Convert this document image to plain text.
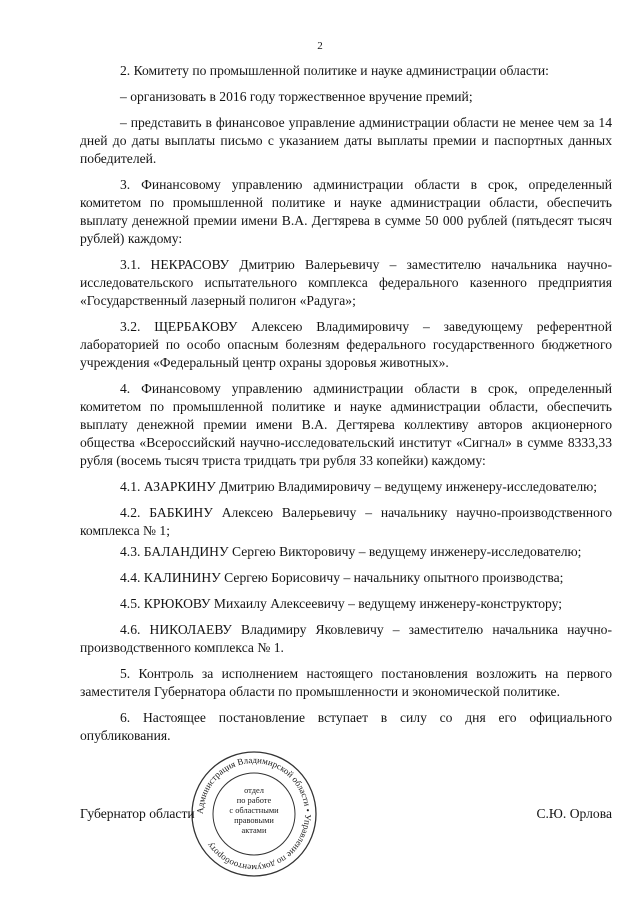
2

2. Комитету по промышленной политике и науке администрации области:

– организовать в 2016 году торжественное вручение премий;

– представить в финансовое управление администрации области не менее чем за 14 дней до даты выплаты письмо с указанием даты выплаты премии и паспортных данных победителей.

3. Финансовому управлению администрации области в срок, определенный комитетом по промышленной политике и науке администрации области, обеспечить выплату денежной премии имени В.А. Дегтярева в сумме 50 000 рублей (пятьдесят тысяч рублей) каждому:

3.1. НЕКРАСОВУ Дмитрию Валерьевичу – заместителю начальника научно-исследовательского испытательного комплекса федерального казенного предприятия «Государственный лазерный полигон «Радуга»;

3.2. ЩЕРБАКОВУ Алексею Владимировичу – заведующему референтной лабораторией по особо опасным болезням федерального государственного бюджетного учреждения «Федеральный центр охраны здоровья животных».

4. Финансовому управлению администрации области в срок, определенный комитетом по промышленной политике и науке администрации области, обеспечить выплату денежной премии имени В.А. Дегтярева коллективу авторов акционерного общества «Всероссийский научно-исследовательский институт «Сигнал» в сумме 8333,33 рубля (восемь тысяч триста тридцать три рубля 33 копейки) каждому:

4.1. АЗАРКИНУ Дмитрию Владимировичу – ведущему инженеру-исследователю;

4.2. БАБКИНУ Алексею Валерьевичу – начальнику научно-производственного комплекса № 1;

4.3. БАЛАНДИНУ Сергею Викторовичу – ведущему инженеру-исследователю;

4.4. КАЛИНИНУ Сергею Борисовичу – начальнику опытного производства;

4.5. КРЮКОВУ Михаилу Алексеевичу – ведущему инженеру-конструктору;

4.6. НИКОЛАЕВУ Владимиру Яковлевичу – заместителю начальника научно-производственного комплекса № 1.

5. Контроль за исполнением настоящего постановления возложить на первого заместителя Губернатора области по промышленности и экономической политике.

6. Настоящее постановление вступает в силу со дня его официального опубликования.

Администрация Владимирской области • Управление по документообороту
отдел
по работе
с областными
правовыми
актами
Губернатор области	С.Ю. Орлова
